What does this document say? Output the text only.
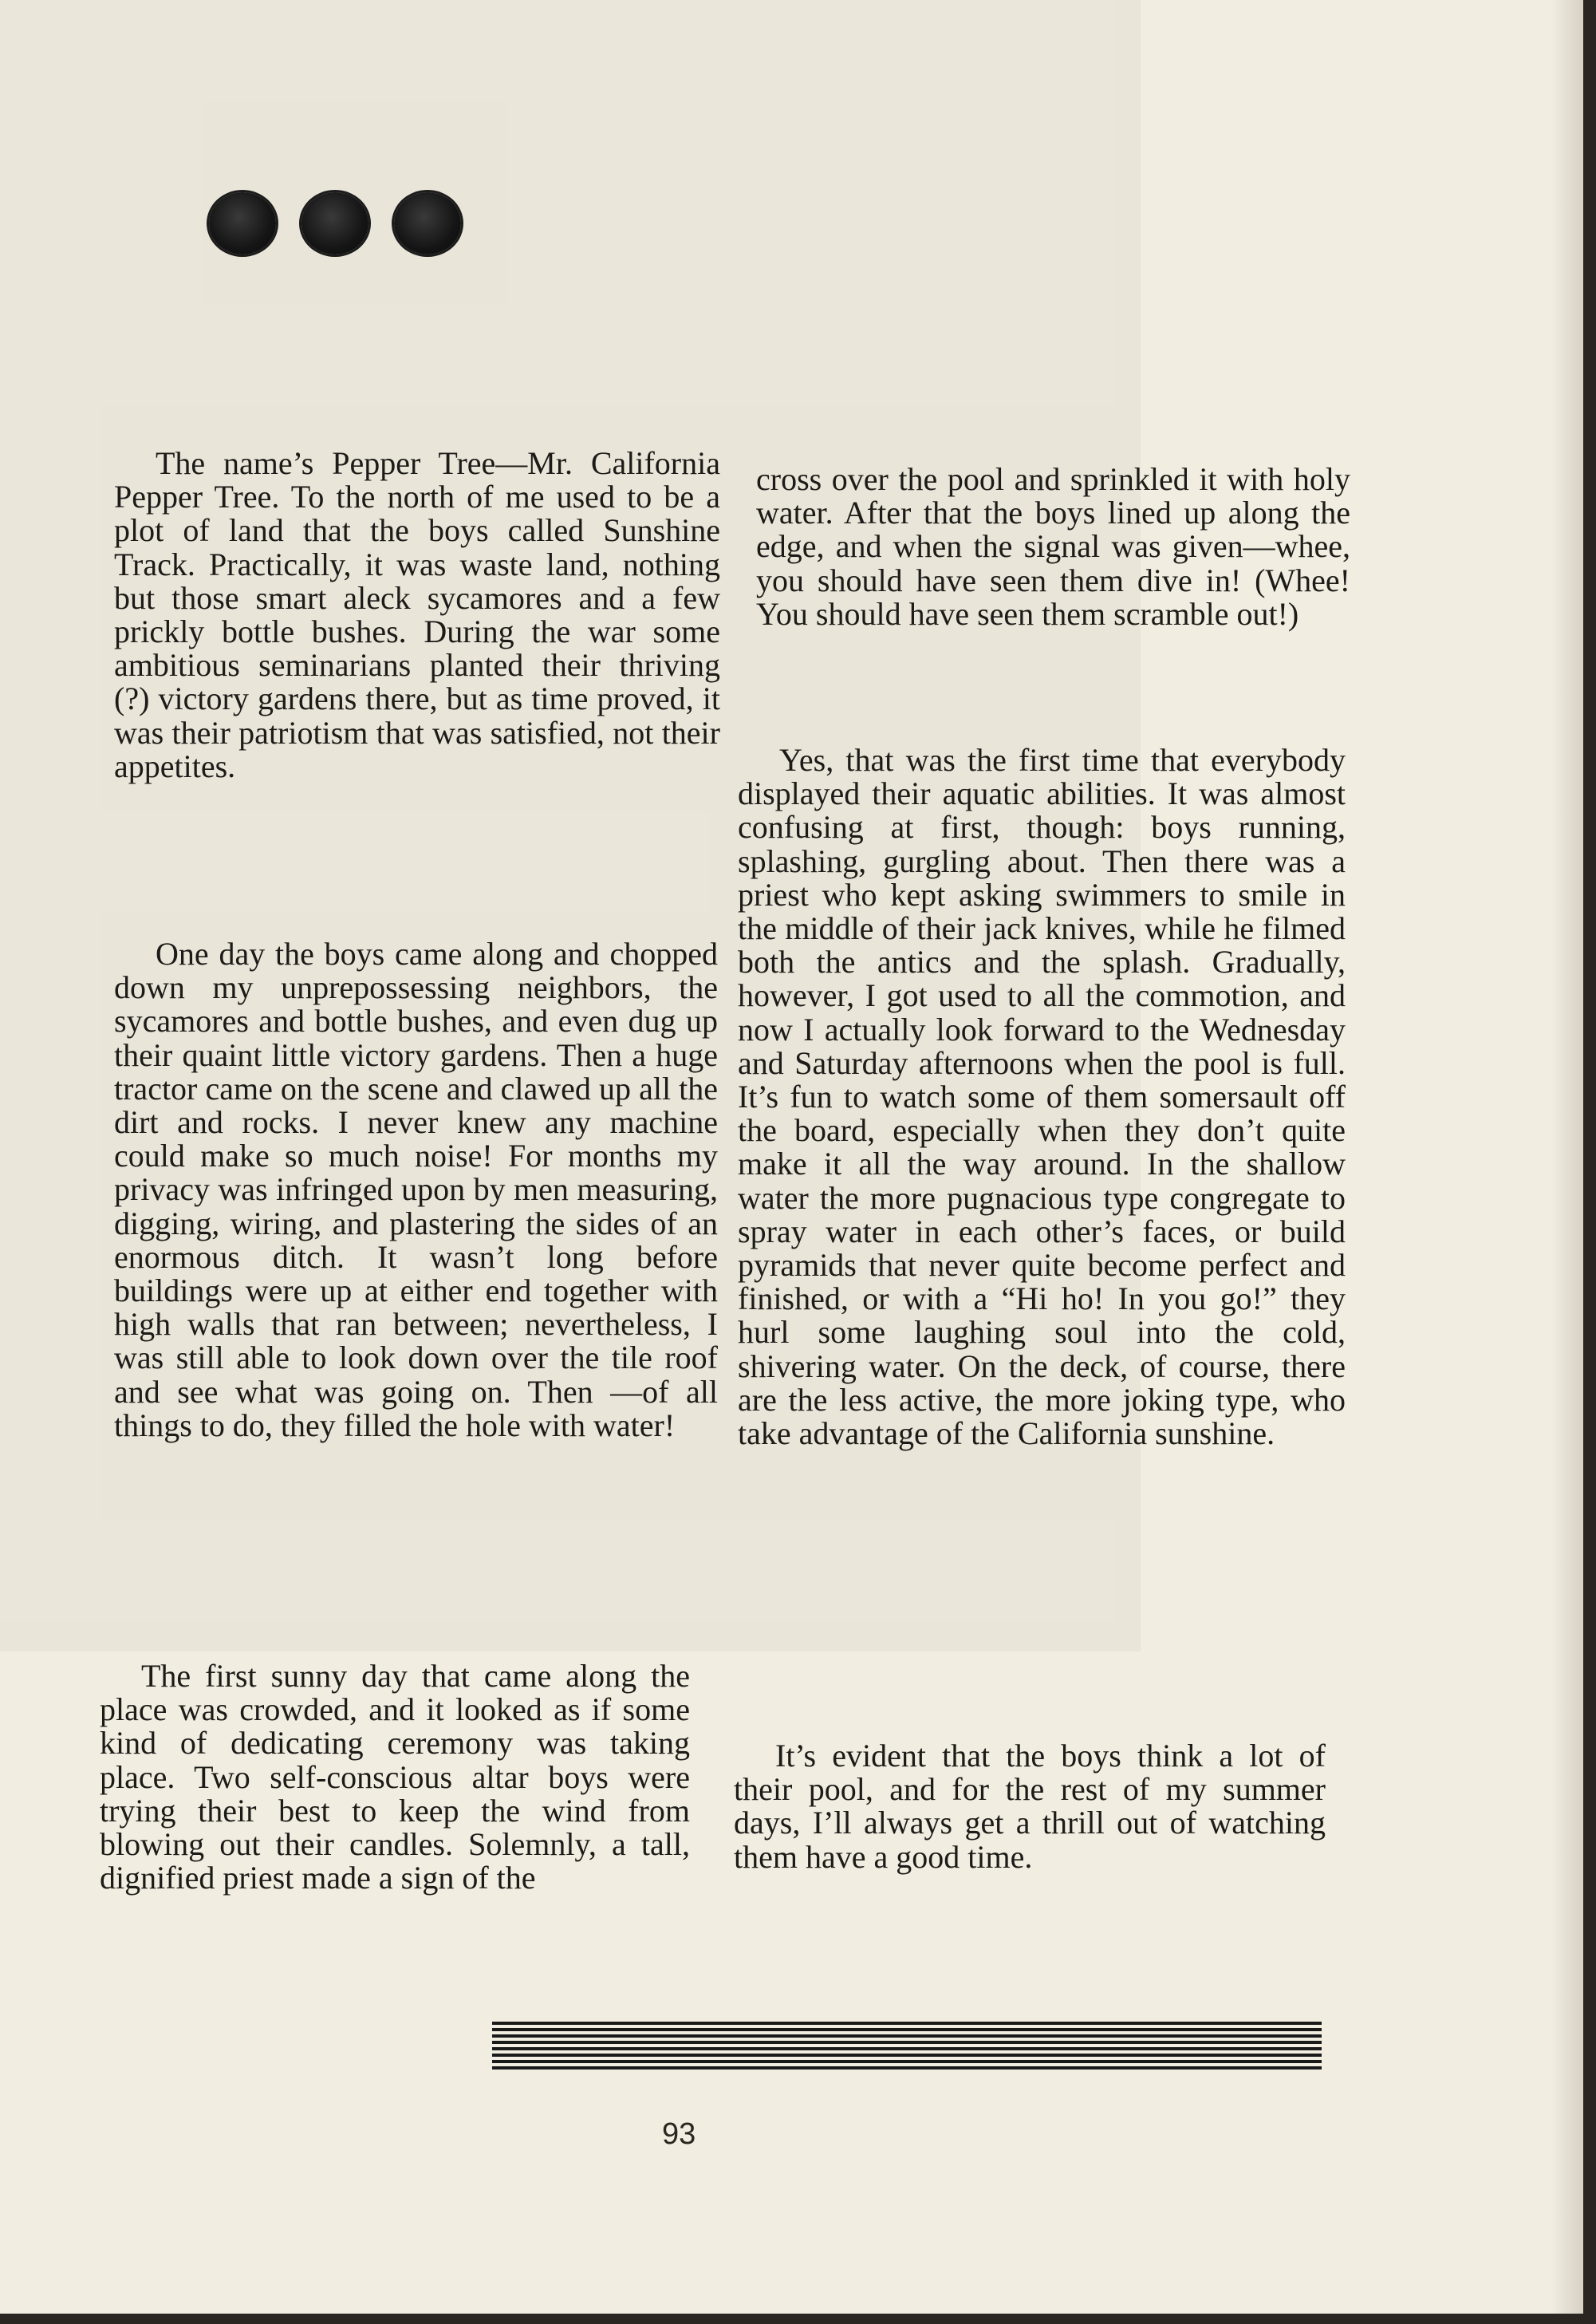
The name’s Pepper Tree—Mr. California Pepper Tree. To the north of me used to be a plot of land that the boys called Sunshine Track. Practically, it was waste land, nothing but those smart aleck sycamores and a few prickly bottle bushes. During the war some ambitious seminarians planted their thriving (?) victory gardens there, but as time proved, it was their patriotism that was satisfied, not their appetites.

One day the boys came along and chopped down my unprepossessing neighbors, the sycamores and bottle bushes, and even dug up their quaint little victory gardens. Then a huge tractor came on the scene and clawed up all the dirt and rocks. I never knew any machine could make so much noise! For months my privacy was infringed upon by men measuring, digging, wiring, and plastering the sides of an enormous ditch. It wasn’t long before buildings were up at either end together with high walls that ran between; nevertheless, I was still able to look down over the tile roof and see what was going on. Then —of all things to do, they filled the hole with water!

The first sunny day that came along the place was crowded, and it looked as if some kind of dedicating ceremony was taking place. Two self-conscious altar boys were trying their best to keep the wind from blowing out their candles. Solemnly, a tall, dignified priest made a sign of the

cross over the pool and sprinkled it with holy water. After that the boys lined up along the edge, and when the signal was given—whee, you should have seen them dive in! (Whee! You should have seen them scramble out!)

Yes, that was the first time that everybody displayed their aquatic abilities. It was almost confusing at first, though: boys running, splashing, gurgling about. Then there was a priest who kept asking swimmers to smile in the middle of their jack knives, while he filmed both the antics and the splash. Gradually, however, I got used to all the commotion, and now I actually look forward to the Wednesday and Saturday afternoons when the pool is full. It’s fun to watch some of them somersault off the board, especially when they don’t quite make it all the way around. In the shallow water the more pugnacious type congregate to spray water in each other’s faces, or build pyramids that never quite become perfect and finished, or with a “Hi ho! In you go!” they hurl some laughing soul into the cold, shivering water. On the deck, of course, there are the less active, the more joking type, who take advantage of the California sunshine.

It’s evident that the boys think a lot of their pool, and for the rest of my summer days, I’ll always get a thrill out of watching them have a good time.

93
